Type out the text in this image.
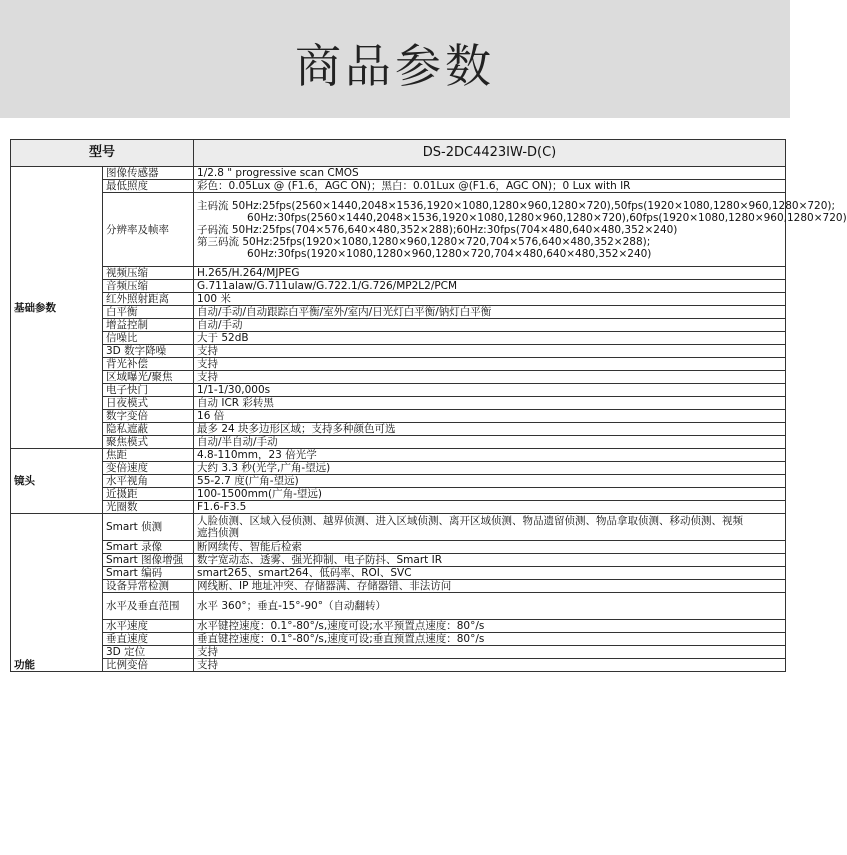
商品参数
型号		DS-2DC4423IW-D(C)
基础参数	图像传感器	1/2.8 " progressive scan CMOS

	最低照度	彩色：0.05Lux @ (F1.6，AGC ON)；黑白：0.01Lux @(F1.6，AGC ON)；0 Lux with IR

	分辨率及帧率	主码流 50Hz:25fps(2560×1440,2048×1536,1920×1080,1280×960,1280×720),50fps(1920×1080,1280×960,1280×720);
60Hz:30fps(2560×1440,2048×1536,1920×1080,1280×960,1280×720),60fps(1920×1080,1280×960,1280×720)
子码流 50Hz:25fps(704×576,640×480,352×288);60Hz:30fps(704×480,640×480,352×240)
第三码流 50Hz:25fps(1920×1080,1280×960,1280×720,704×576,640×480,352×288);
60Hz:30fps(1920×1080,1280×960,1280×720,704×480,640×480,352×240)

	视频压缩	H.265/H.264/MJPEG

	音频压缩	G.711alaw/G.711ulaw/G.722.1/G.726/MP2L2/PCM

	红外照射距离	100 米

	白平衡	自动/手动/自动跟踪白平衡/室外/室内/日光灯白平衡/钠灯白平衡

	增益控制	自动/手动

	信噪比	大于 52dB

	3D 数字降噪	支持

	背光补偿	支持

	区域曝光/聚焦	支持

	电子快门	1/1-1/30,000s

	日夜模式	自动 ICR 彩转黑

	数字变倍	16 倍

	隐私遮蔽	最多 24 块多边形区域；支持多种颜色可选

	聚焦模式	自动/半自动/手动

镜头	焦距	4.8-110mm，23 倍光学

	变倍速度	大约 3.3 秒(光学,广角-望远)

	水平视角	55-2.7 度(广角-望远)

	近摄距	100-1500mm(广角-望远)

	光圈数	F1.6-F3.5

功能	Smart 侦测	人脸侦测、区域入侵侦测、越界侦测、进入区域侦测、离开区域侦测、物品遗留侦测、物品拿取侦测、移动侦测、视频
遮挡侦测

	Smart 录像	断网续传、智能后检索

	Smart 图像增强	数字宽动态、透雾、强光抑制、电子防抖、Smart IR

	Smart 编码	smart265、smart264、低码率、ROI、SVC

	设备异常检测	网线断、IP 地址冲突、存储器满、存储器错、非法访问

	水平及垂直范围	水平 360°；垂直-15°-90°（自动翻转）

	水平速度	水平键控速度：0.1°-80°/s,速度可设;水平预置点速度：80°/s

	垂直速度	垂直键控速度：0.1°-80°/s,速度可设;垂直预置点速度：80°/s

	3D 定位	支持

	比例变倍	支持
